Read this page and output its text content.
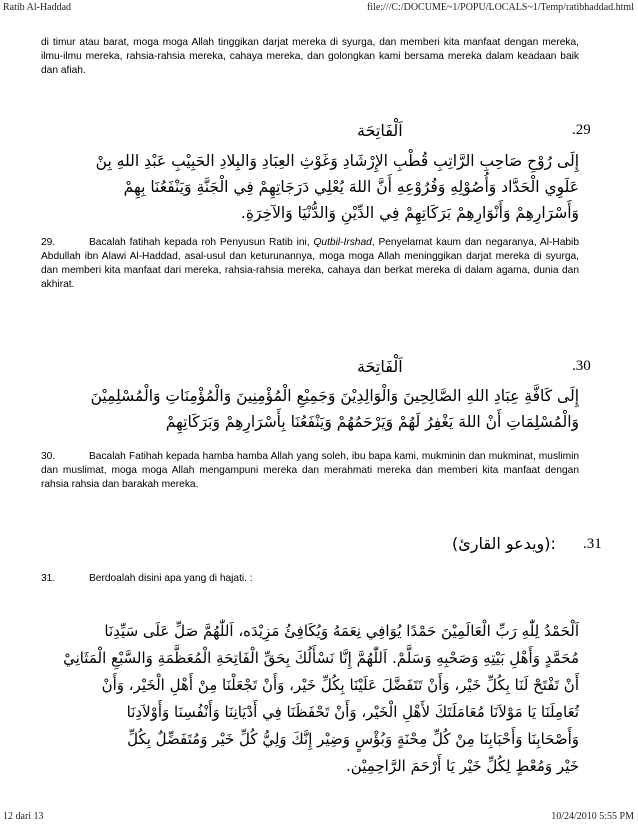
Ratib Al-Haddad	file:///C:/DOCUME~1/POPU/LOCALS~1/Temp/ratibhaddad.html
12 dari 13	10/24/2010 5:55 PM

di timur atau barat, moga moga Allah tinggikan darjat mereka di syurga, dan memberi kita manfaat dengan mereka, ilmu-ilmu mereka, rahsia-rahsia mereka, cahaya mereka, dan golongkan kami bersama mereka dalam keadaan baik dan afiah.

اَلْفَاتِحَة	.29
إِلَى رُوْحِ صَاحِبِ الرَّاتِبِ قُطْبِ الإِرْشَادِ وَغَوْثِ العِبَادِ وَالبِلادِ الحَبِيْبِ عَبْدِ اللهِ بِنْ
عَلَوِي الْحَدَّاد وَأُصُوْلِهِ وَفُرُوْعِهِ أَنَّ اللهَ يُعْلِي دَرَجَاتِهِمْ فِي الْجَنَّةِ وَيَنْفَعُنَا بِهِمْ
وَأَسْرَارِهِمْ وَأَنْوَارِهِمْ بَرَكَاتِهِمْ فِي الدِّيْنِ وَالدُّنْيَا وَالآخِرَةِ.

29.	Bacalah fatihah kepada roh Penyusun Ratib ini, Qutbil-Irshad, Penyelamat kaum dan negaranya, Al-Habib Abdullah ibn Alawi Al-Haddad, asal-usul dan keturunannya, moga moga Allah meninggikan darjat mereka di syurga, dan memberi kita manfaat dari mereka, rahsia-rahsia mereka, cahaya dan berkat mereka di dalam agama, dunia dan akhirat.

اَلْفَاتِحَة	.30
إِلَى كَافَّةِ عِبَادِ اللهِ الصَّالِحِينَ وَالْوَالِدِيْنَ وَجَمِيْعِ الْمُؤْمِنِينَ وَالْمُؤْمِنَاتِ وَالْمُسْلِمِيْنَ
وَالْمُسْلِمَاتِ أَنْ اللهَ يَغْفِرُ لَهُمْ وَيَرْحَمُهُمْ وَيَنْفَعُنَا بِأَسْرَارِهِمْ وَبَرَكَاتِهِمْ

30.	Bacalah Fatihah kepada hamba hamba Allah yang soleh, ibu bapa kami, mukminin dan mukminat, muslimin dan muslimat, moga moga Allah mengampuni mereka dan merahmati mereka dan memberi kita manfaat dengan rahsia rahsia dan barakah mereka.

(ويدعو القارئ): .31

31.	Berdoalah disini apa yang di hajati. :

اَلْحَمْدُ لِلّٰهِ رَبِّ الْعَالَمِيْنَ حَمْدًا يُوَافِي نِعَمَهُ وَيُكَافِئُ مَزِيْدَه، اَللّٰهُمَّ صَلِّ عَلَى سَيِّدِنَا
مُحَمَّدٍ وَأَهْلِ بَيْتِهِ وَصَحْبِهِ وَسَلَّمْ. اَللّٰهُمَّ إِنَّا نَسْأَلُكَ بِحَقِّ الْفَاتِحَةِ الْمُعَظَّمَةِ وَالسَّبْعِ الْمَثَانِيْ
أَنْ تَفْتَحْ لَنَا بِكُلِّ خَيْر، وَأَنْ تَتَفَضَّلَ عَلَيْنَا بِكُلِّ خَيْر، وَأَنْ تَجْعَلْنَا مِنْ أَهْلِ الْخَيْر، وَأَنْ
تُعَامِلَنَا يَا مَوْلاَنَا مُعَامَلَتَكَ لأَهْلِ الْخَيْر، وَأَنْ تَحْفَظَنَا فِي أَدْيَانِنَا وَأَنْفُسِنَا وَأَوْلاَدِنَا
وَأَصْحَابِنَا وَأَحْبَابِنَا مِنْ كُلِّ مِحْنَةٍ وَبُؤْسٍ وَضِيْر إِنَّكَ وَلِيُّ كُلِّ خَيْر وَمُتَفَضِّلٌ بِكُلِّ
خَيْر وَمُعْطٍ لِكُلِّ خَيْر يَا أَرْحَمَ الرَّاحِمِيْن.
